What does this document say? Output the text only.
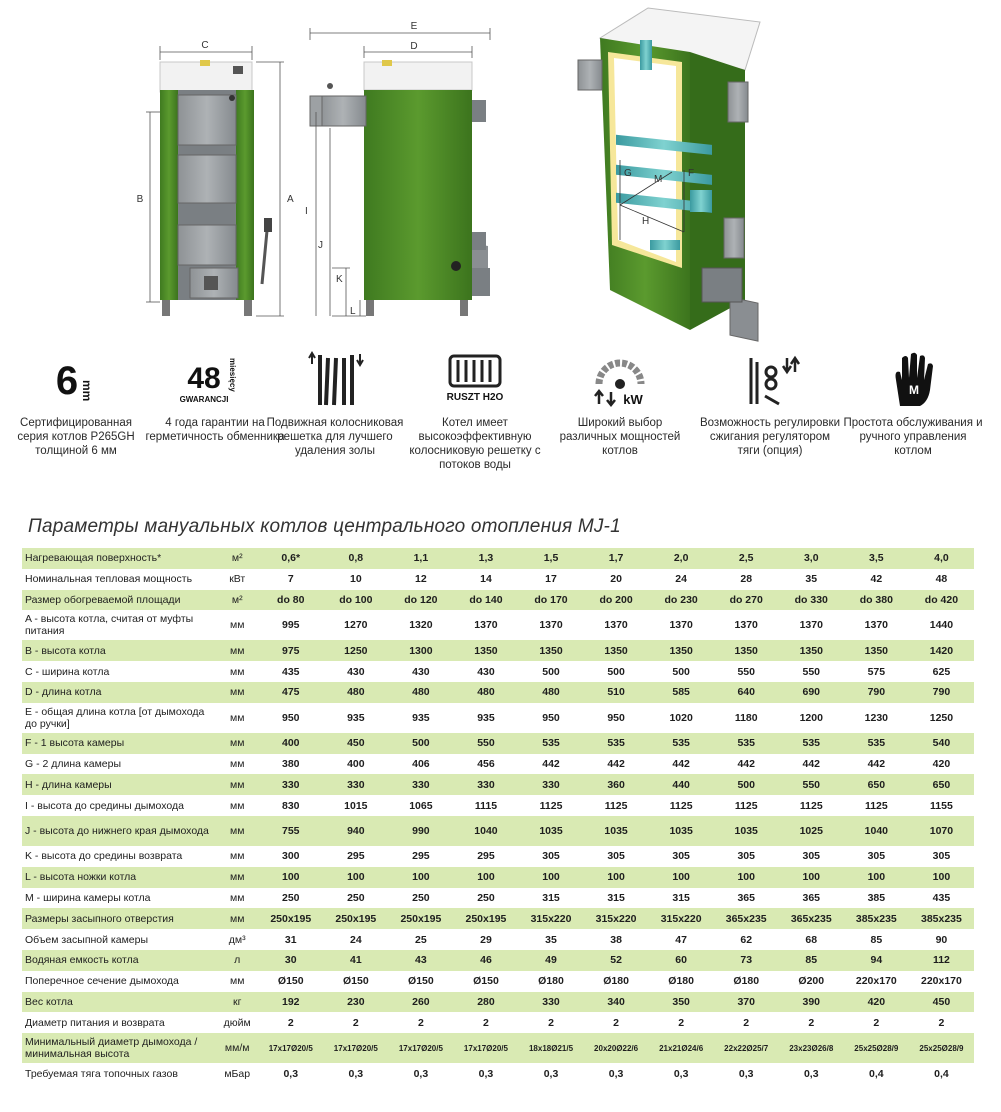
C
B	A
E
D
I
J
K
L
G
M
F
H
6 mm
Сертифицированная серия котлов P265GH толщиной 6 мм
48 miesięcy
GWARANCJI
4 года гарантии на герметичность обменника
Подвижная колосниковая решетка для лучшего удаления золы
RUSZT H2O
Котел имеет высокоэффективную колосниковую решетку с потоков воды
kW
Широкий выбор различных мощностей котлов
Возможность регулировки сжигания регулятором тяги (опция)
M
Простота обслуживания и ручного управления котлом
Параметры мануальных котлов центрального отопления MJ-1
Нагревающая поверхность*	м²	0,6*	0,8	1,1	1,3	1,5	1,7	2,0	2,5	3,0	3,5	4,0
Номинальная тепловая мощность	кВт	7	10	12	14	17	20	24	28	35	42	48
Размер обогреваемой площади	м²	do 80	do 100	do 120	do 140	do 170	do 200	do 230	do 270	do 330	do 380	do 420
A - высота котла, считая от муфты питания	мм	995	1270	1320	1370	1370	1370	1370	1370	1370	1370	1440
B - высота котла	мм	975	1250	1300	1350	1350	1350	1350	1350	1350	1350	1420
C - ширина котла	мм	435	430	430	430	500	500	500	550	550	575	625
D - длина котла	мм	475	480	480	480	480	510	585	640	690	790	790
E - общая длина котла [от дымохода до ручки]	мм	950	935	935	935	950	950	1020	1180	1200	1230	1250
F - 1 высота камеры	мм	400	450	500	550	535	535	535	535	535	535	540
G - 2 длина камеры	мм	380	400	406	456	442	442	442	442	442	442	420
H - длина камеры	мм	330	330	330	330	330	360	440	500	550	650	650
I - высота до средины дымохода	мм	830	1015	1065	1115	1125	1125	1125	1125	1125	1125	1155
J - высота до нижнего края дымохода	мм	755	940	990	1040	1035	1035	1035	1035	1025	1040	1070
K - высота до средины возврата	мм	300	295	295	295	305	305	305	305	305	305	305
L - высота ножки котла	мм	100	100	100	100	100	100	100	100	100	100	100
M - ширина камеры котла	мм	250	250	250	250	315	315	315	365	365	385	435
Размеры засыпного отверстия	мм	250x195	250x195	250x195	250x195	315x220	315x220	315x220	365x235	365x235	385x235	385x235
Объем засыпной камеры	дм³	31	24	25	29	35	38	47	62	68	85	90
Водяная емкость котла	л	30	41	43	46	49	52	60	73	85	94	112
Поперечное сечение дымохода	мм	Ø150	Ø150	Ø150	Ø150	Ø180	Ø180	Ø180	Ø180	Ø200	220x170	220x170
Вес котла	кг	192	230	260	280	330	340	350	370	390	420	450
Диаметр питания и возврата	дюйм	2	2	2	2	2	2	2	2	2	2	2
Минимальный диаметр дымохода / минимальная высота	мм/м	17x17Ø20/5	17x17Ø20/5	17x17Ø20/5	17x17Ø20/5	18x18Ø21/5	20x20Ø22/6	21x21Ø24/6	22x22Ø25/7	23x23Ø26/8	25x25Ø28/9	25x25Ø28/9
Требуемая тяга топочных газов	мБар	0,3	0,3	0,3	0,3	0,3	0,3	0,3	0,3	0,3	0,4	0,4
